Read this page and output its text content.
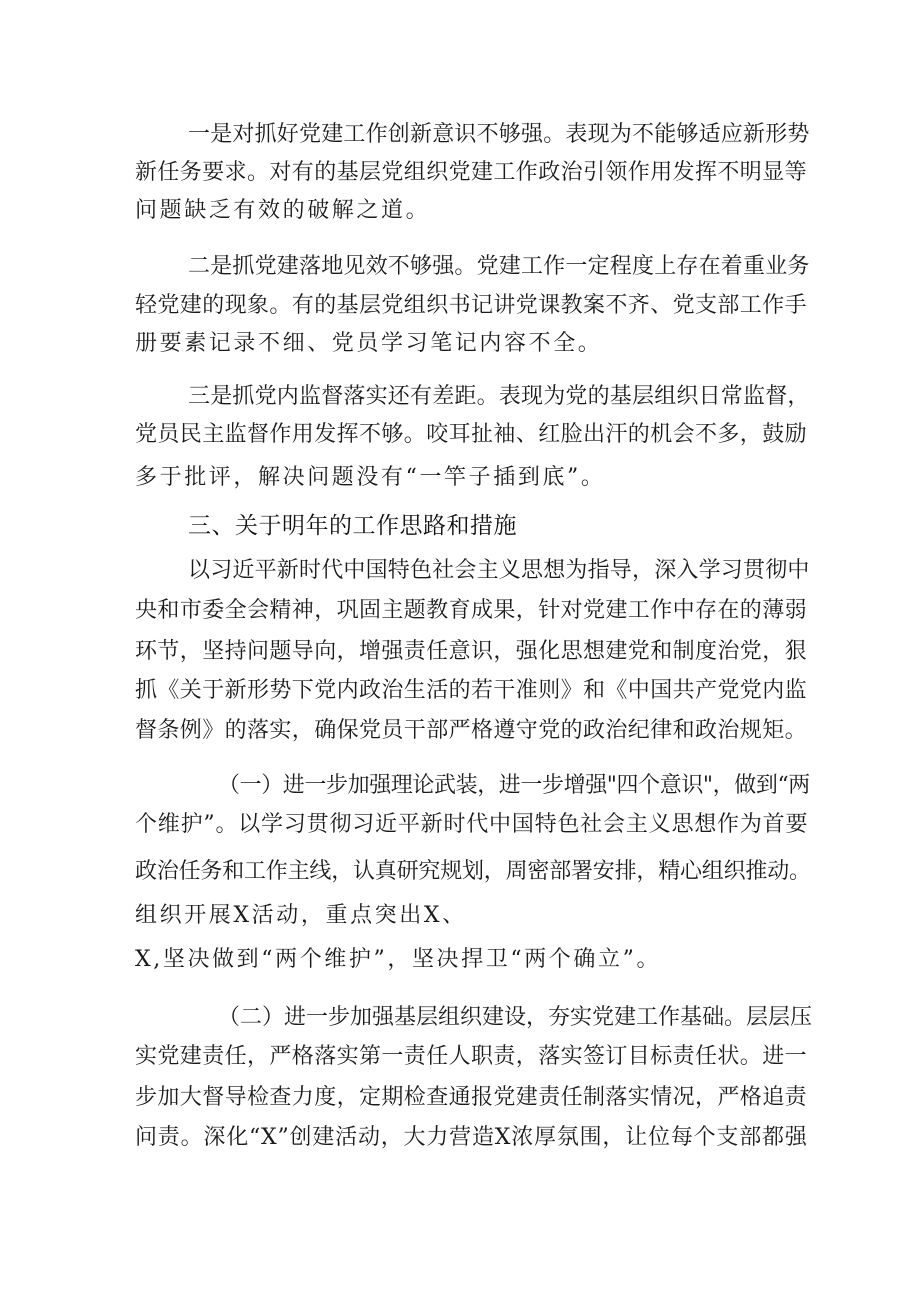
一是对抓好党建工作创新意识不够强。表现为不能够适应新形势

新任务要求。对有的基层党组织党建工作政治引领作用发挥不明显等

问题缺乏有效的破解之道。

二是抓党建落地见效不够强。党建工作一定程度上存在着重业务

轻党建的现象。有的基层党组织书记讲党课教案不齐、党支部工作手

册要素记录不细、党员学习笔记内容不全。

三是抓党内监督落实还有差距。表现为党的基层组织日常监督，

党员民主监督作用发挥不够。咬耳扯袖、红脸出汗的机会不多，鼓励

多于批评，解决问题没有“一竿子插到底”。

三、关于明年的工作思路和措施

以习近平新时代中国特色社会主义思想为指导，深入学习贯彻中

央和市委全会精神，巩固主题教育成果，针对党建工作中存在的薄弱

环节，坚持问题导向，增强责任意识，强化思想建党和制度治党，狠

抓《关于新形势下党内政治生活的若干准则》和《中国共产党党内监

督条例》的落实，确保党员干部严格遵守党的政治纪律和政治规矩。

（一）进一步加强理论武装，进一步增强"四个意识"，做到“两

个维护”。以学习贯彻习近平新时代中国特色社会主义思想作为首要

政治任务和工作主线，认真研究规划，周密部署安排，精心组织推动。

组织开展X活动，重点突出X、

X,坚决做到“两个维护”，坚决捍卫“两个确立”。

（二）进一步加强基层组织建设，夯实党建工作基础。层层压

实党建责任，严格落实第一责任人职责，落实签订目标责任状。进一

步加大督导检查力度，定期检查通报党建责任制落实情况，严格追责

问责。深化“X”创建活动，大力营造X浓厚氛围，让位每个支部都强
